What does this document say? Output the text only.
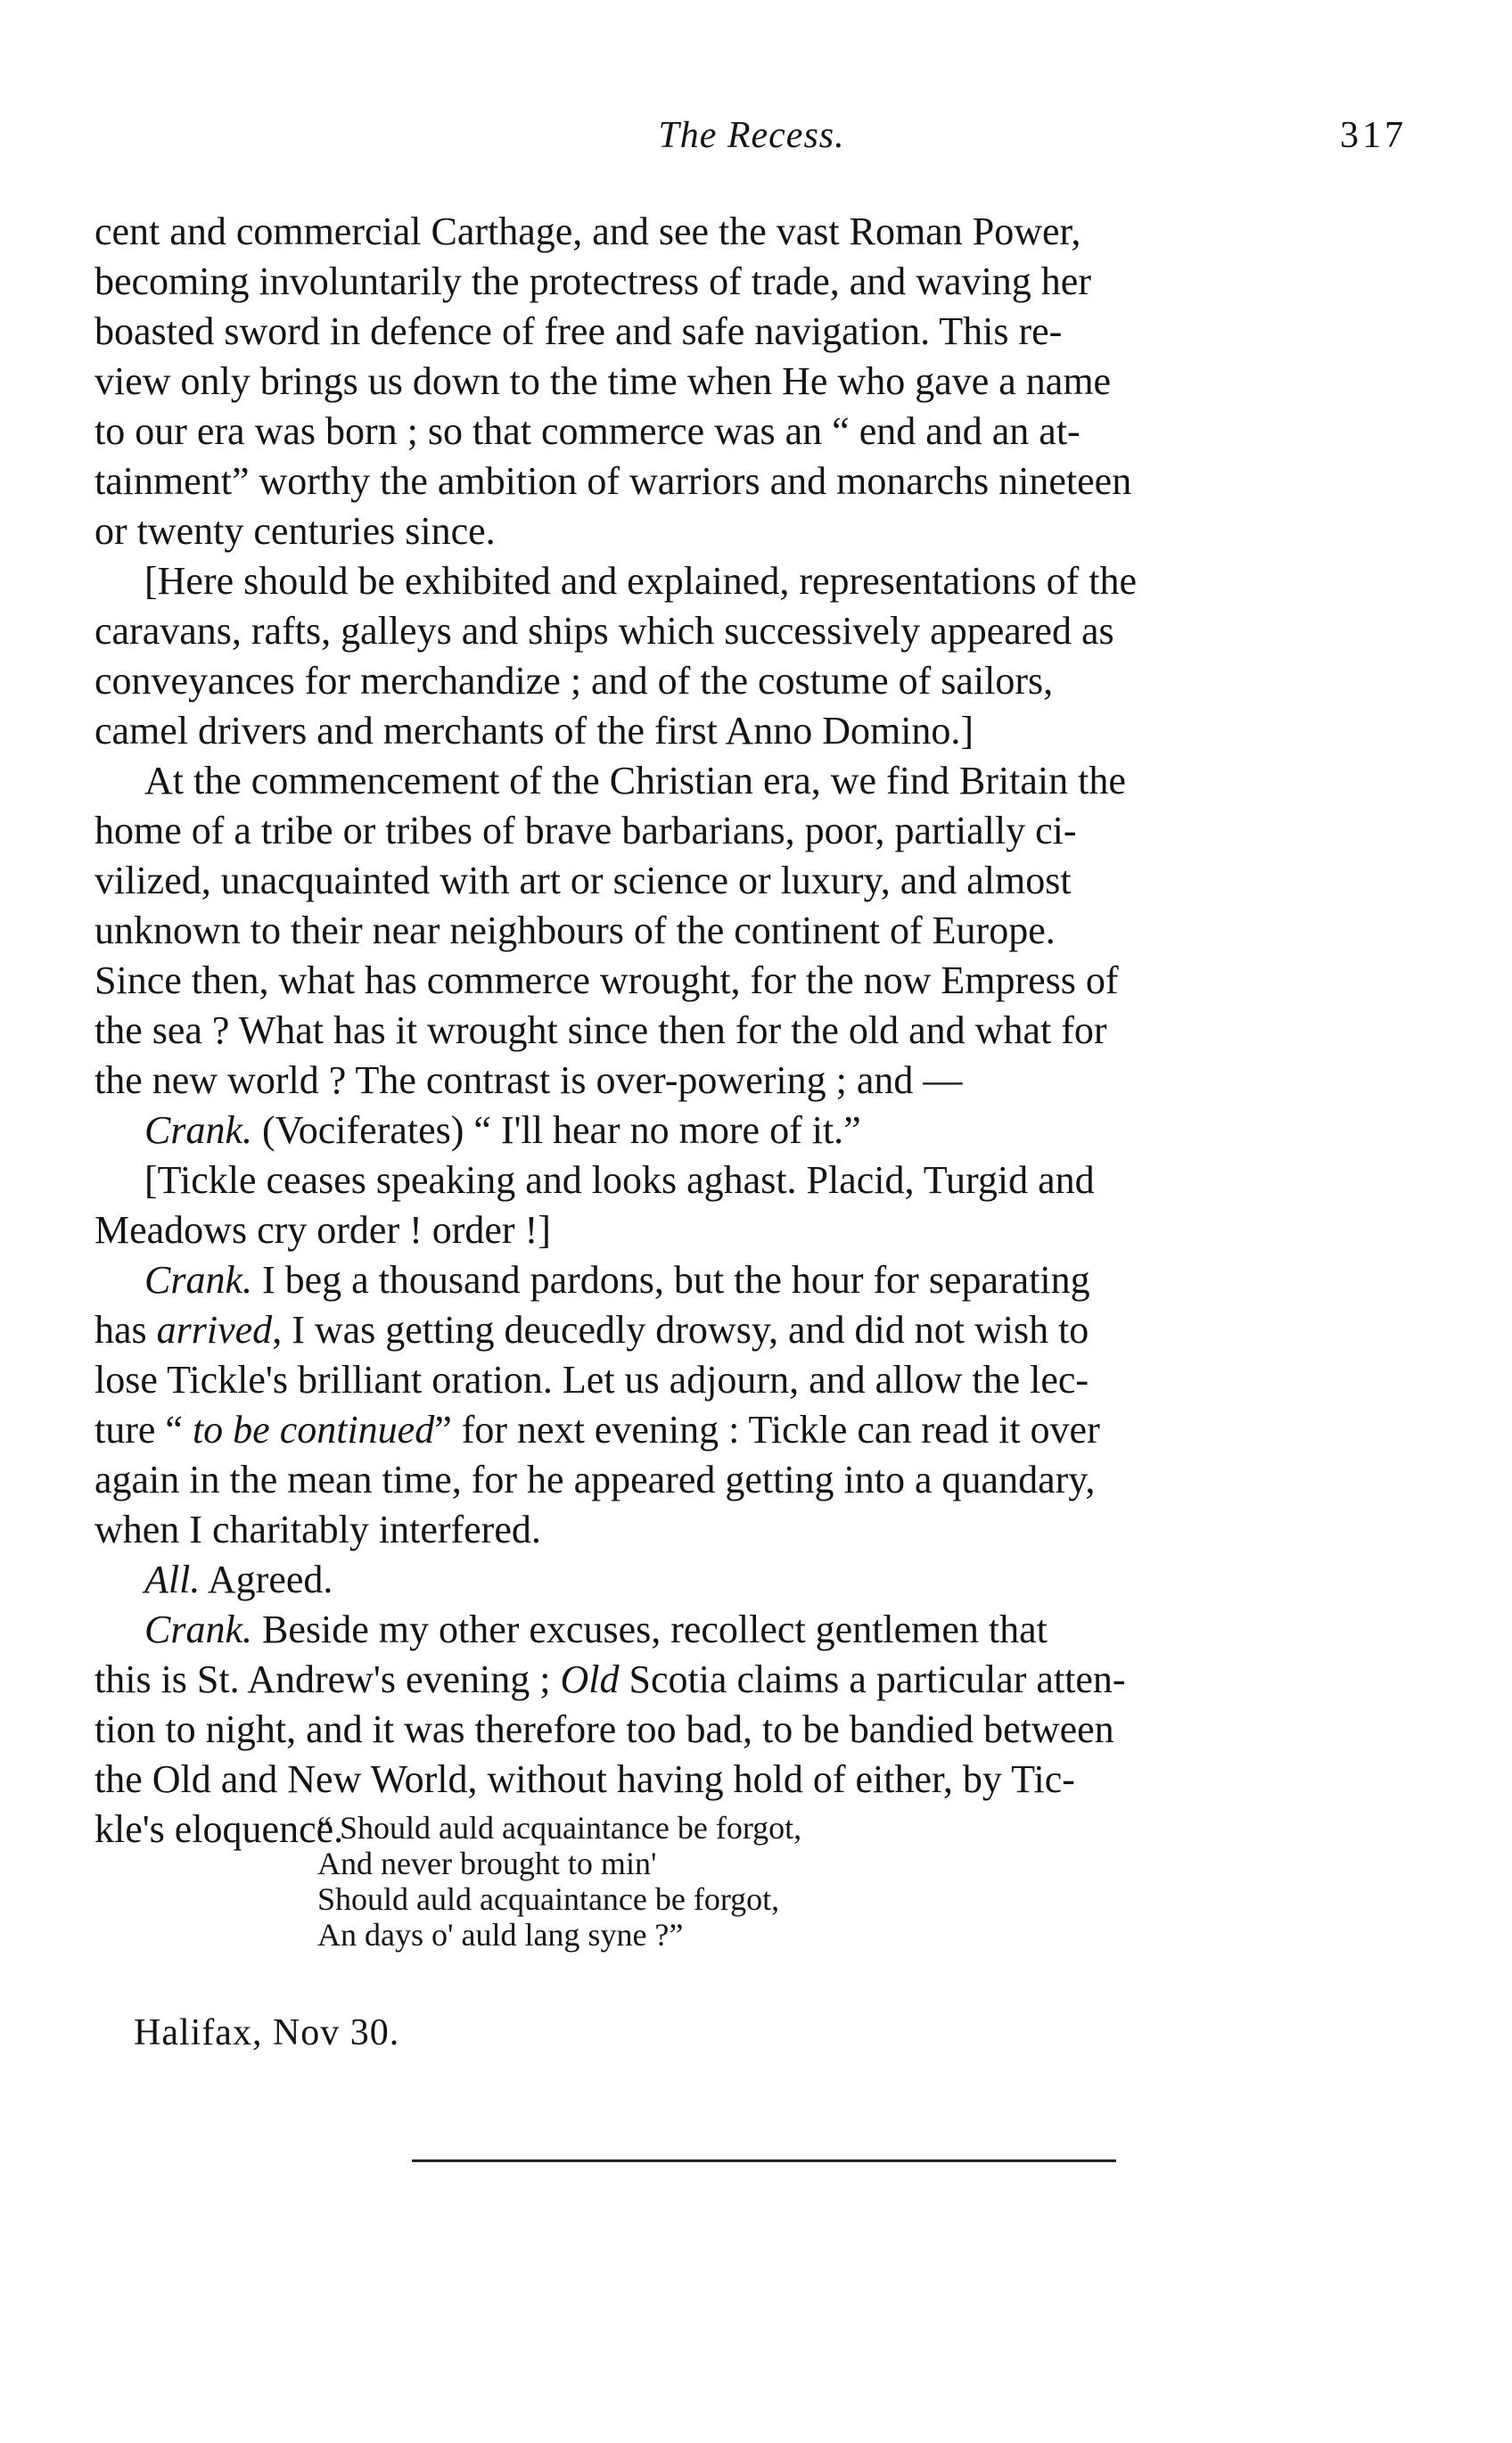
The Recess.	317
cent and commercial Carthage, and see the vast Roman Power,
becoming involuntarily the protectress of trade, and waving her
boasted sword in defence of free and safe navigation. This re-
view only brings us down to the time when He who gave a name
to our era was born ; so that commerce was an “ end and an at-
tainment” worthy the ambition of warriors and monarchs nineteen
or twenty centuries since.
[Here should be exhibited and explained, representations of the
caravans, rafts, galleys and ships which successively appeared as
conveyances for merchandize ; and of the costume of sailors,
camel drivers and merchants of the first Anno Domino.]
At the commencement of the Christian era, we find Britain the
home of a tribe or tribes of brave barbarians, poor, partially ci-
vilized, unacquainted with art or science or luxury, and almost
unknown to their near neighbours of the continent of Europe.
Since then, what has commerce wrought, for the now Empress of
the sea ? What has it wrought since then for the old and what for
the new world ? The contrast is over-powering ; and —
Crank. (Vociferates) “ I'll hear no more of it.”
[Tickle ceases speaking and looks aghast. Placid, Turgid and
Meadows cry order ! order !]
Crank. I beg a thousand pardons, but the hour for separating
has arrived, I was getting deucedly drowsy, and did not wish to
lose Tickle's brilliant oration. Let us adjourn, and allow the lec-
ture “ to be continued” for next evening : Tickle can read it over
again in the mean time, for he appeared getting into a quandary,
when I charitably interfered.
All. Agreed.
Crank. Beside my other excuses, recollect gentlemen that
this is St. Andrew's evening ; Old Scotia claims a particular atten-
tion to night, and it was therefore too bad, to be bandied between
the Old and New World, without having hold of either, by Tic-
kle's eloquence.
“ Should auld acquaintance be forgot,
And never brought to min'
Should auld acquaintance be forgot,
An days o' auld lang syne ?”
Halifax, Nov 30.
